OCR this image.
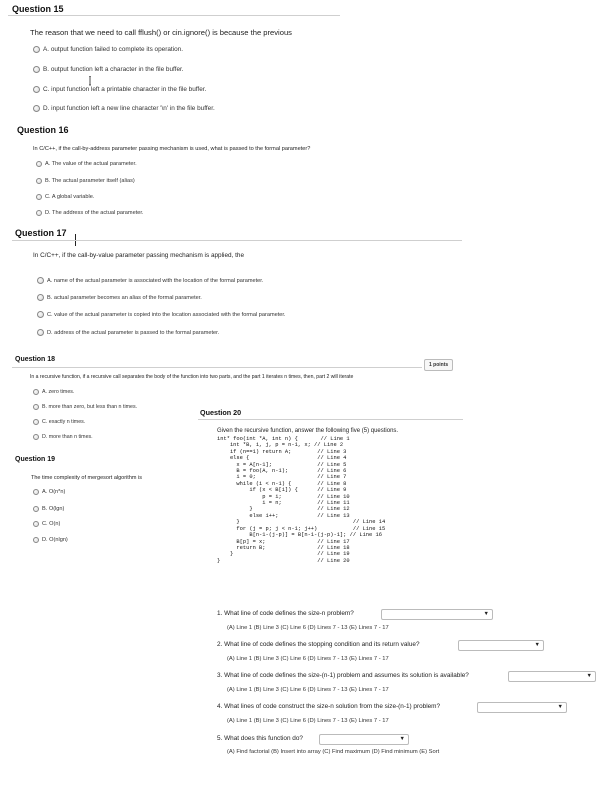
Question 15
The reason that we need to call fflush() or cin.ignore() is because the previous
A. output function failed to complete its operation.
B. output function left a character in the file buffer.
C. input function left a printable character in the file buffer.
D. input function left a new line character '\n' in the file buffer.
Question 16
In C/C++, if the call-by-address parameter passing mechanism is used, what is passed to the formal parameter?
A. The value of the actual parameter.
B. The actual parameter itself (alias)
C. A global variable.
D. The address of the actual parameter.
Question 17
In C/C++, if the call-by-value parameter passing mechanism is applied, the
A. name of the actual parameter is associated with the location of the formal parameter.
B. actual parameter becomes an alias of the formal parameter.
C. value of the actual parameter is copied into the location associated with the formal parameter.
D. address of the actual parameter is passed to the formal parameter.
Question 18
1 points
In a recursive function, if a recursive call separates the body of the function into two parts, and the part 1 iterates n times, then, part 2 will iterate
A. zero times.
B. more than zero, but less than n times.
C. exactly n times.
D. more than n times.
Question 19
The time complexity of mergesort algorithm is
A. O(n*n)
B. O(lgn)
C. O(n)
D. O(nlgn)
Question 20
Given the recursive function, answer the following five (5) questions.
int* foo(int *A, int n) {       // Line 1
int *B, i, j, p = n-1, x; // Line 2
if (n==1) return A;        // Line 3
else {                     // Line 4
x = A[n-1];              // Line 5
B = foo(A, n-1);         // Line 6
i = 0;                   // Line 7
while (i < n-1) {        // Line 8
if (x < B[i]) {      // Line 9
p = i;           // Line 10
i = n;           // Line 11
}                    // Line 12
else i++;            // Line 13
}                                   // Line 14
for (j = p; j < n-1; j++)           // Line 15
B[n-1-(j-p)] = B[n-1-(j-p)-1]; // Line 16
B[p] = x;                // Line 17
return B;                // Line 18
}                          // Line 19
}                              // Line 20
1. What line of code defines the size-n problem?	▼
(A) Line 1 (B) Line 3 (C) Line 6 (D) Lines 7 - 13 (E) Lines 7 - 17
2. What line of code defines the stopping condition and its return value?	▼
(A) Line 1 (B) Line 3 (C) Line 6 (D) Lines 7 - 13 (E) Lines 7 - 17
3. What line of code defines the size-(n-1) problem and assumes its solution is available?	▼
(A) Line 1 (B) Line 3 (C) Line 6 (D) Lines 7 - 13 (E) Lines 7 - 17
4. What lines of code construct the size-n solution from the size-(n-1) problem?	▼
(A) Line 1 (B) Line 3 (C) Line 6 (D) Lines 7 - 13 (E) Lines 7 - 17
5. What does this function do?	▼
(A) Find factorial (B) Insert into array (C) Find maximum (D) Find minimum (E) Sort
